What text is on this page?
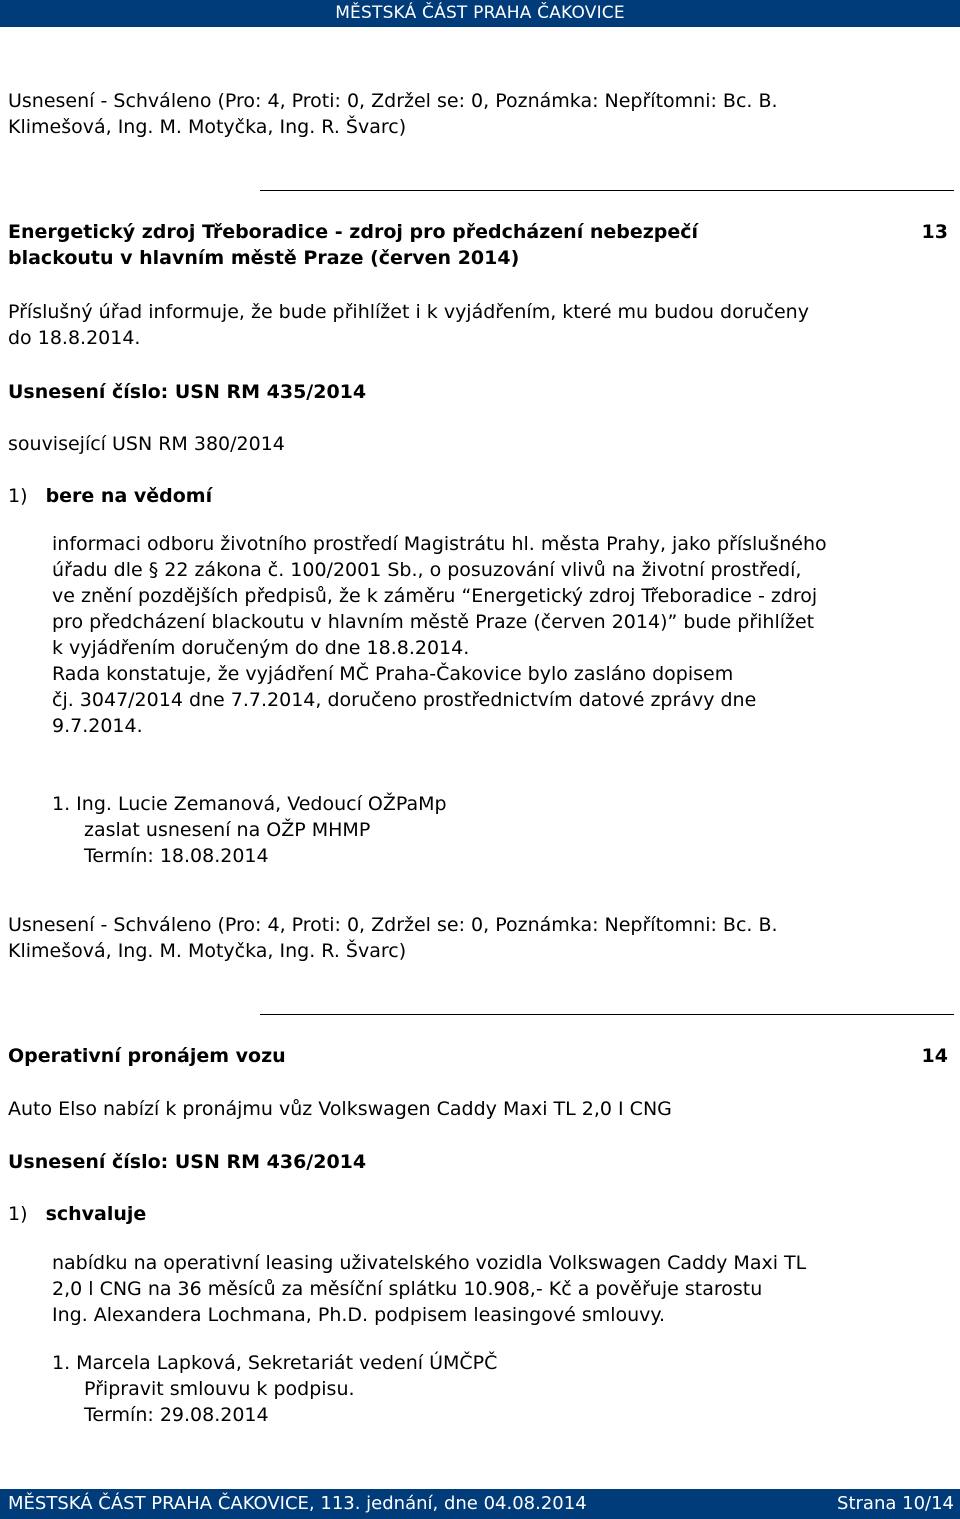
MĚSTSKÁ ČÁST PRAHA ČAKOVICE
Usnesení - Schváleno (Pro: 4, Proti: 0, Zdržel se: 0, Poznámka: Nepřítomni: Bc. B.
Klimešová, Ing. M. Motyčka, Ing. R. Švarc)
Energetický zdroj Třeboradice - zdroj pro předcházení nebezpečí
blackoutu v hlavním městě Praze (červen 2014)
13
Příslušný úřad informuje, že bude přihlížet i k vyjádřením, které mu budou doručeny
do 18.8.2014.
Usnesení číslo: USN RM 435/2014
související USN RM 380/2014
1) bere na vědomí
informaci odboru životního prostředí Magistrátu hl. města Prahy, jako příslušného
úřadu dle § 22 zákona č. 100/2001 Sb., o posuzování vlivů na životní prostředí,
ve znění pozdějších předpisů, že k záměru “Energetický zdroj Třeboradice - zdroj
pro předcházení blackoutu v hlavním městě Praze (červen 2014)” bude přihlížet
k vyjádřením doručeným do dne 18.8.2014.
Rada konstatuje, že vyjádření MČ Praha-Čakovice bylo zasláno dopisem
čj. 3047/2014 dne 7.7.2014, doručeno prostřednictvím datové zprávy dne
9.7.2014.
1. Ing. Lucie Zemanová, Vedoucí OŽPaMp
zaslat usnesení na OŽP MHMP
Termín: 18.08.2014
Usnesení - Schváleno (Pro: 4, Proti: 0, Zdržel se: 0, Poznámka: Nepřítomni: Bc. B.
Klimešová, Ing. M. Motyčka, Ing. R. Švarc)
Operativní pronájem vozu	14
Auto Elso nabízí k pronájmu vůz Volkswagen Caddy Maxi TL 2,0 I CNG
Usnesení číslo: USN RM 436/2014
1) schvaluje
nabídku na operativní leasing uživatelského vozidla Volkswagen Caddy Maxi TL
2,0 l CNG na 36 měsíců za měsíční splátku 10.908,- Kč a pověřuje starostu
Ing. Alexandera Lochmana, Ph.D. podpisem leasingové smlouvy.
1. Marcela Lapková, Sekretariát vedení ÚMČPČ
Připravit smlouvu k podpisu.
Termín: 29.08.2014
MĚSTSKÁ ČÁST PRAHA ČAKOVICE, 113. jednání, dne 04.08.2014	Strana 10/14
